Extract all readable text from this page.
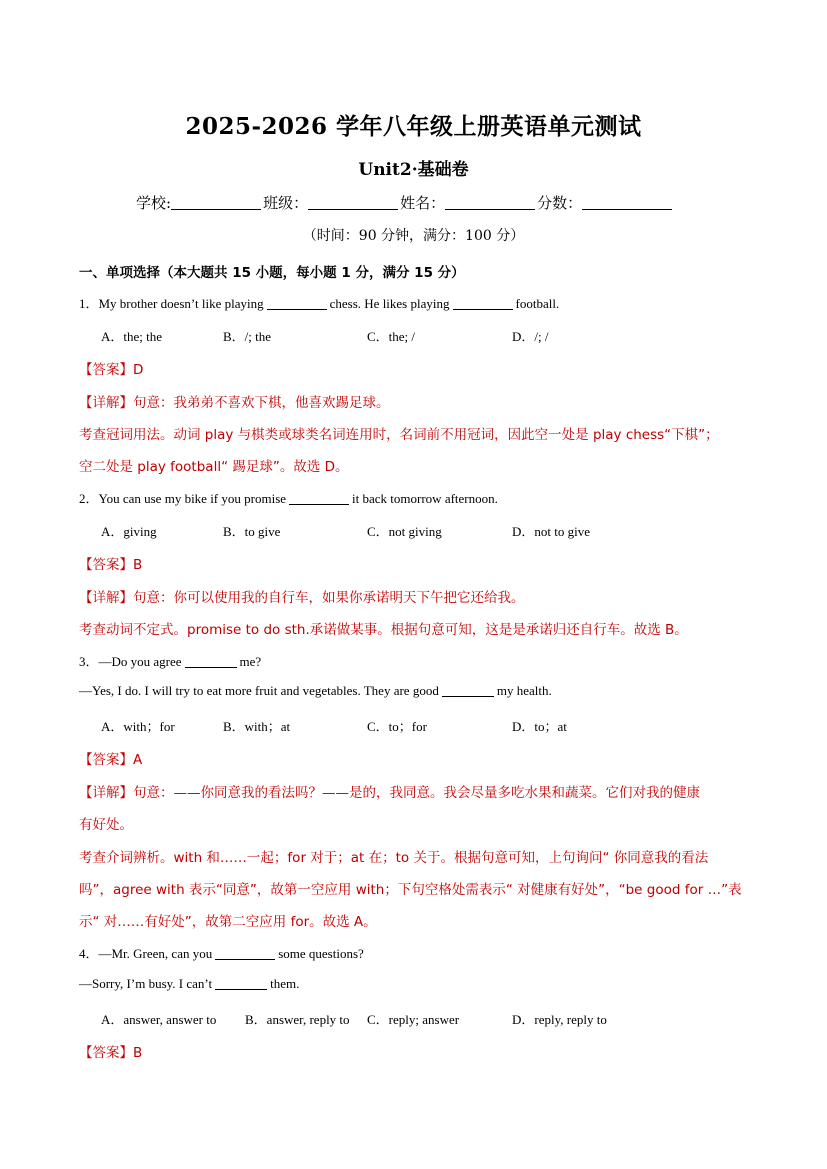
2025-2026 学年八年级上册英语单元测试
Unit2·基础卷
学校:	班级：	姓名：	分数：
（时间：90 分钟，满分：100 分）
一、单项选择（本大题共 15 小题，每小题 1 分，满分 15 分）
1．My brother doesn’t like playing	chess. He likes playing	football.
A．the; the	B．/; the	C．the; /	D．/; /
【答案】D
【详解】句意：我弟弟不喜欢下棋，他喜欢踢足球。
考查冠词用法。动词 play 与棋类或球类名词连用时，名词前不用冠词，因此空一处是 play chess“下棋”；
空二处是 play football“ 踢足球”。故选 D。
2．You can use my bike if you promise	it back tomorrow afternoon.
A．giving	B．to give	C．not giving	D．not to give
【答案】B
【详解】句意：你可以使用我的自行车，如果你承诺明天下午把它还给我。
考查动词不定式。promise to do sth.承诺做某事。根据句意可知，这是是承诺归还自行车。故选 B。
3．—Do you agree	me?
—Yes, I do. I will try to eat more fruit and vegetables. They are good	my health.
A．with；for	B．with；at	C．to；for	D．to；at
【答案】A
【详解】句意：——你同意我的看法吗？——是的，我同意。我会尽量多吃水果和蔬菜。它们对我的健康
有好处。
考查介词辨析。with 和……一起；for 对于；at 在；to 关于。根据句意可知，上句询问“ 你同意我的看法
吗”，agree with 表示“同意”，故第一空应用 with；下句空格处需表示“ 对健康有好处”，“be good for …”表
示“ 对……有好处”，故第二空应用 for。故选 A。
4．—Mr. Green, can you	some questions?
—Sorry, I’m busy. I can’t	them.
A．answer, answer to B．answer, reply to C．reply; answer	D．reply, reply to
【答案】B
